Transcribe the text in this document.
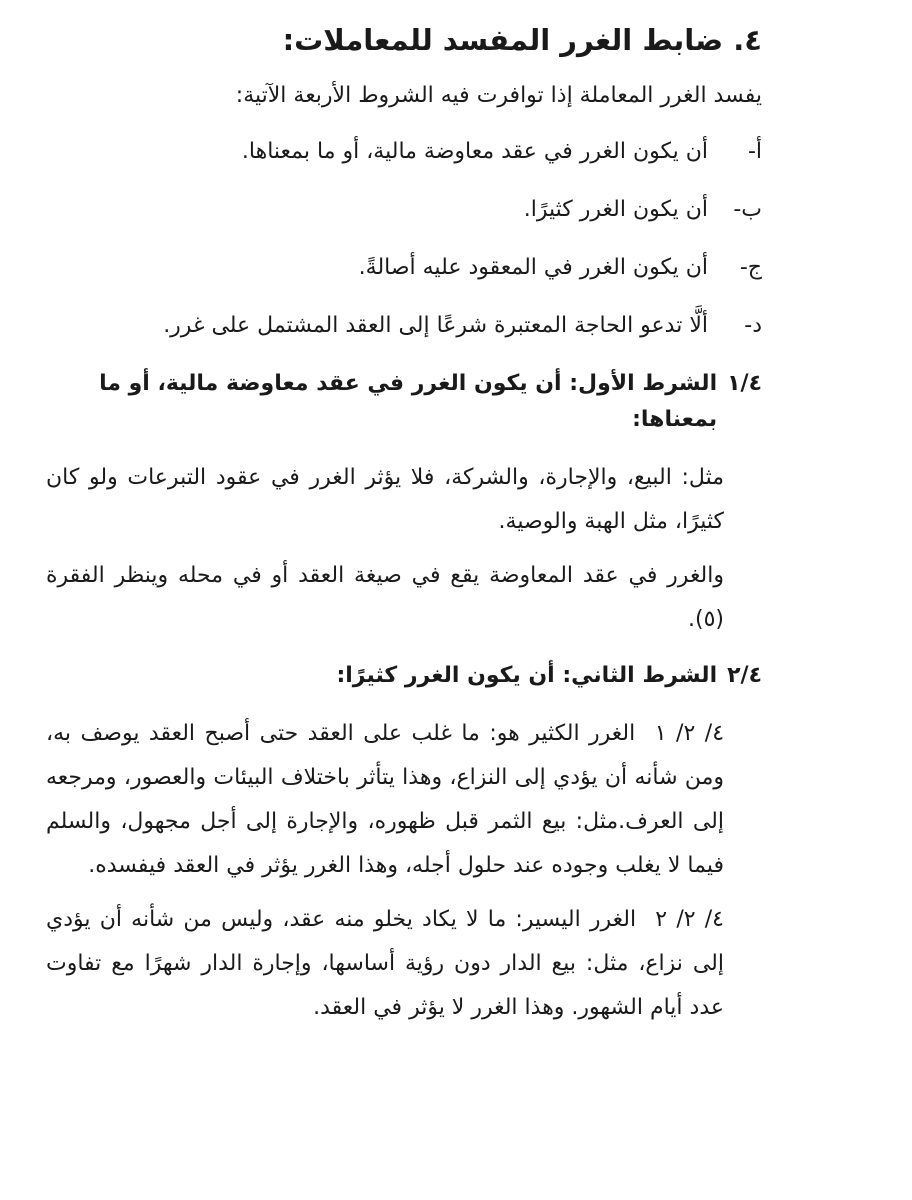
٤. ضابط الغرر المفسد للمعاملات:

يفسد الغرر المعاملة إذا توافرت فيه الشروط الأربعة الآتية:

أ-
أن يكون الغرر في عقد معاوضة مالية، أو ما بمعناها.
ب-
أن يكون الغرر كثيرًا.
ج-
أن يكون الغرر في المعقود عليه أصالةً.
د-
ألَّا تدعو الحاجة المعتبرة شرعًا إلى العقد المشتمل على غرر.
١/٤
الشرط الأول: أن يكون الغرر في عقد معاوضة مالية، أو ما بمعناها:

مثل: البيع، والإجارة، والشركة، فلا يؤثر الغرر في عقود التبرعات ولو كان كثيرًا، مثل الهبة والوصية.

والغرر في عقد المعاوضة يقع في صيغة العقد أو في محله وينظر الفقرة (٥).

٢/٤
الشرط الثاني: أن يكون الغرر كثيرًا:

٤/ ٢/ ١ الغرر الكثير هو: ما غلب على العقد حتى أصبح العقد يوصف به، ومن شأنه أن يؤدي إلى النزاع، وهذا يتأثر باختلاف البيئات والعصور، ومرجعه إلى العرف.مثل: بيع الثمر قبل ظهوره، والإجارة إلى أجل مجهول، والسلم فيما لا يغلب وجوده عند حلول أجله، وهذا الغرر يؤثر في العقد فيفسده.

٤/ ٢/ ٢ الغرر اليسير: ما لا يكاد يخلو منه عقد، وليس من شأنه أن يؤدي إلى نزاع، مثل: بيع الدار دون رؤية أساسها، وإجارة الدار شهرًا مع تفاوت عدد أيام الشهور. وهذا الغرر لا يؤثر في العقد.
